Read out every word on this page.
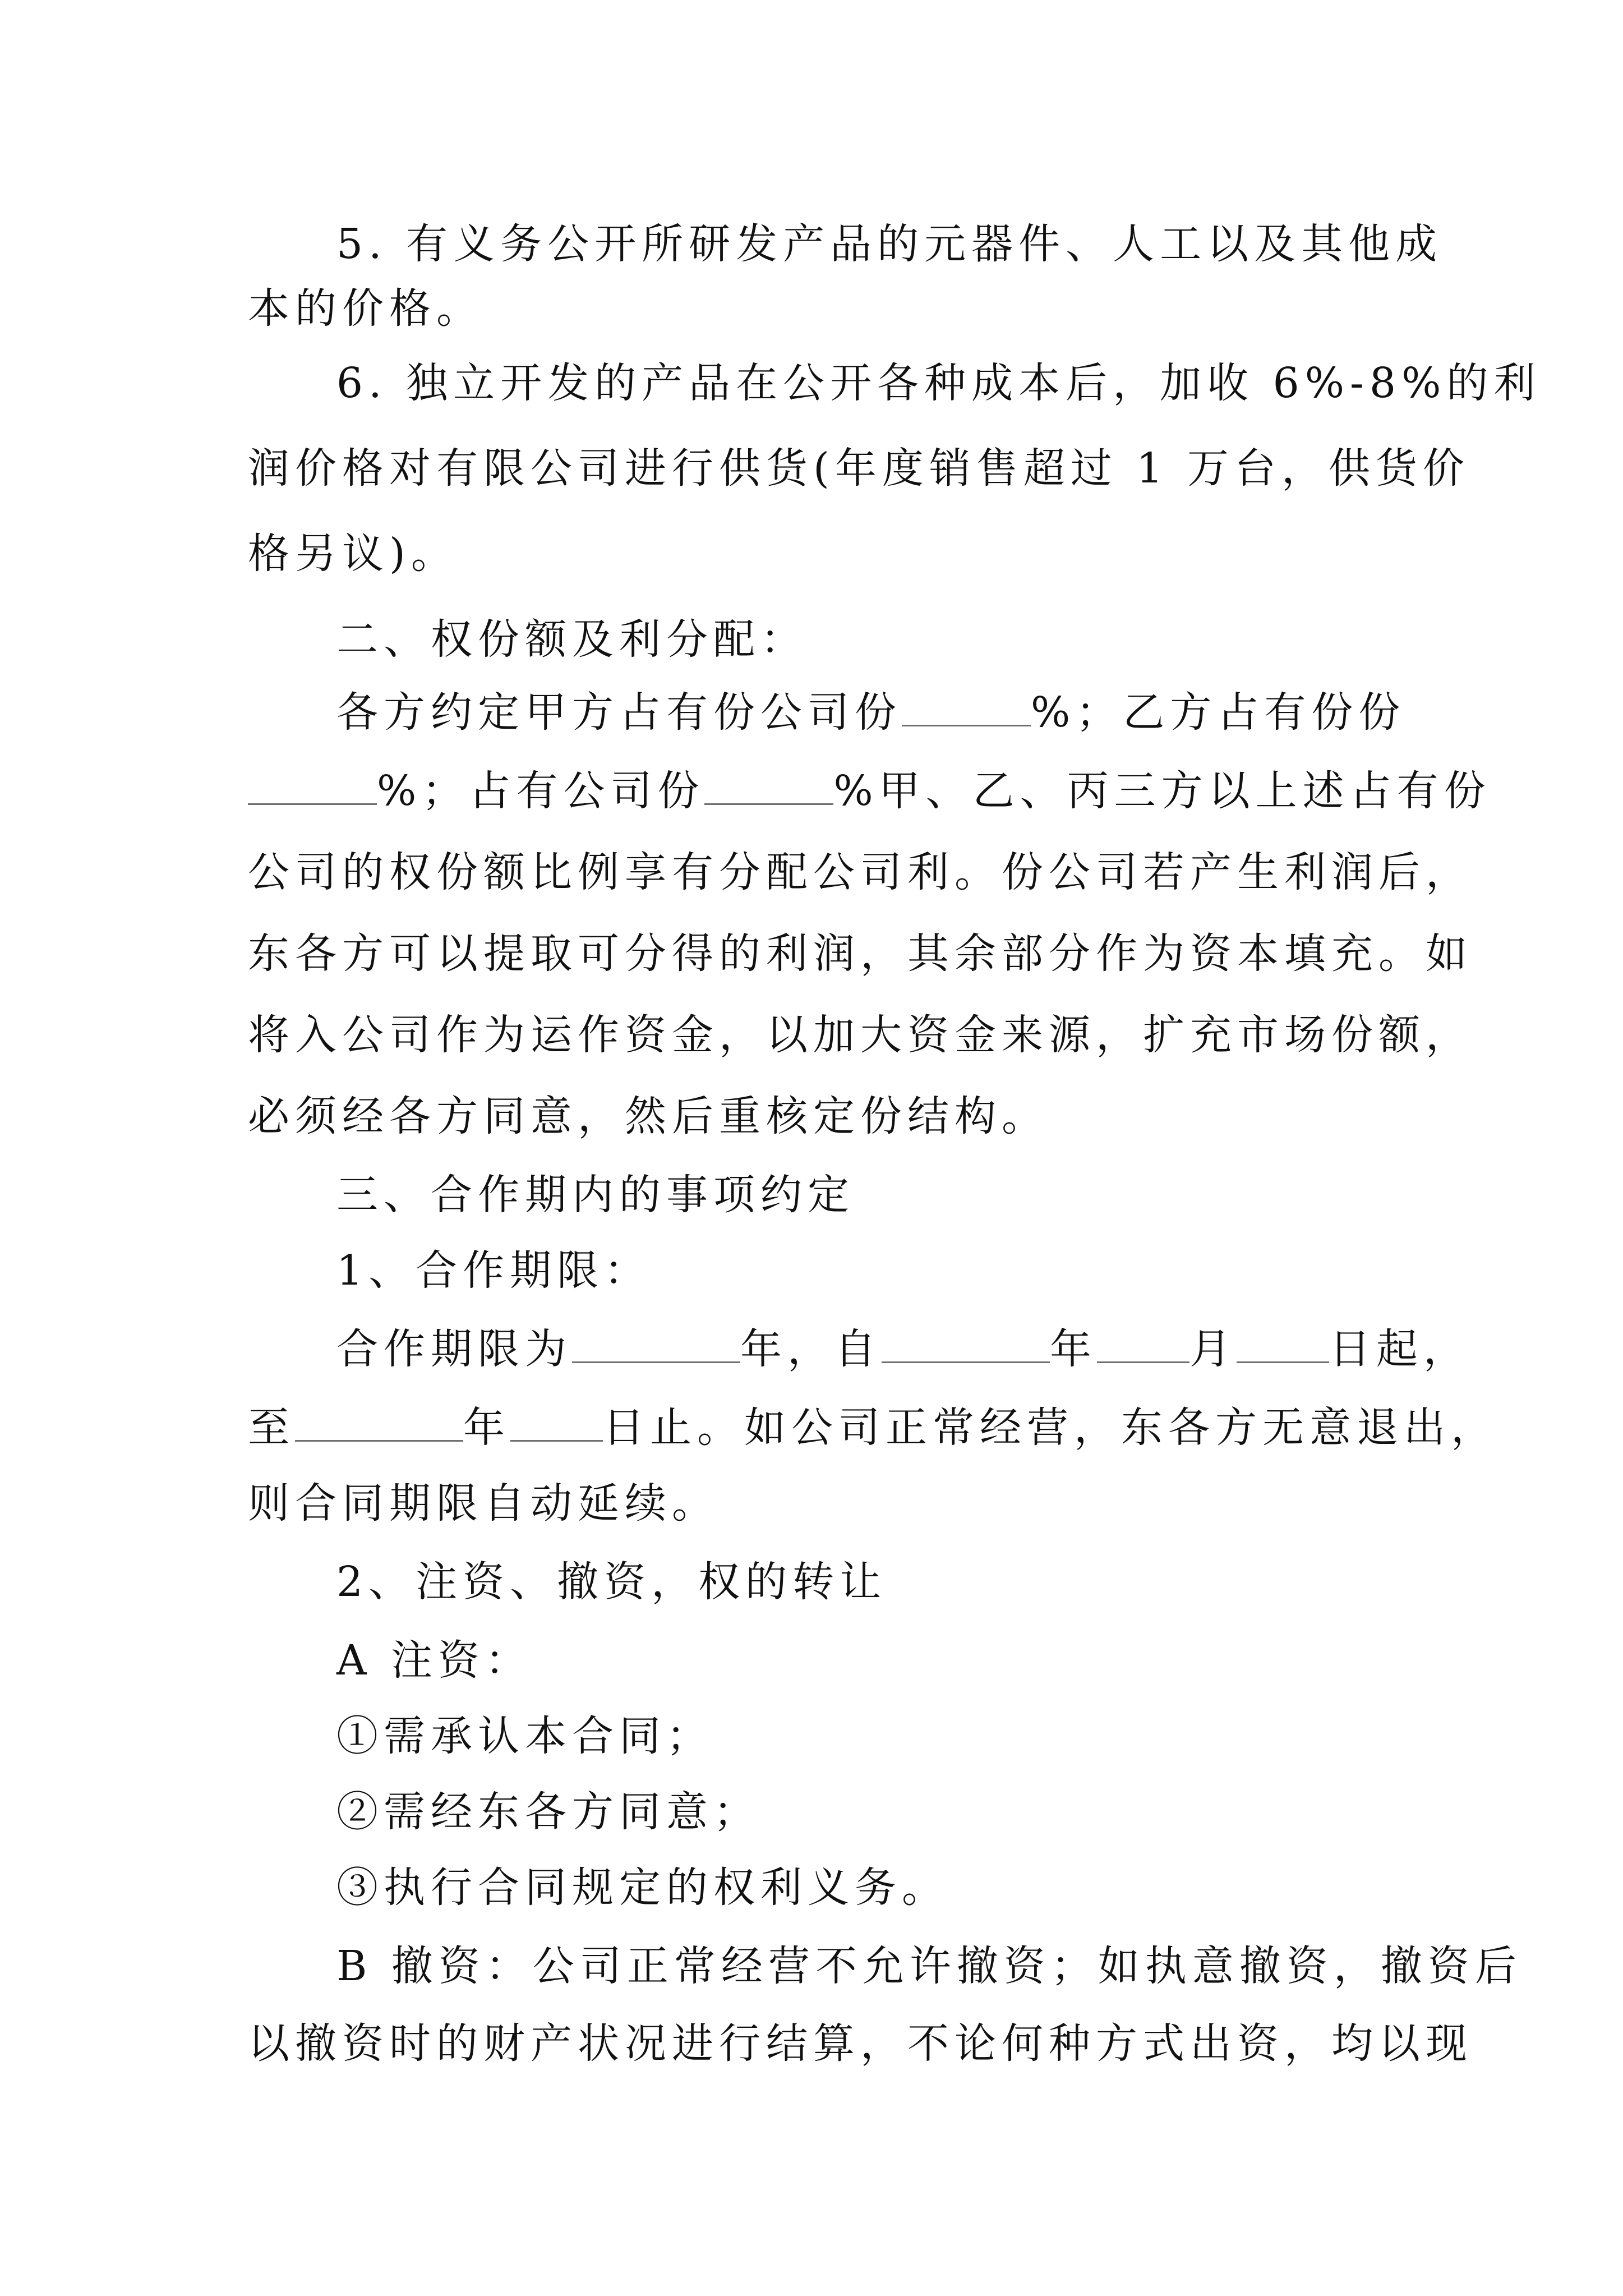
5. 有义务公开所研发产品的元器件、人工以及其他成
本的价格。
6. 独立开发的产品在公开各种成本后，加收 6%-8%的利
润价格对有限公司进行供货(年度销售超过 1 万台，供货价
格另议)。
二、权份额及利分配：
各方约定甲方占有份公司份	%；乙方占有份份
%；占有公司份	%甲、乙、丙三方以上述占有份
公司的权份额比例享有分配公司利。份公司若产生利润后，
东各方可以提取可分得的利润，其余部分作为资本填充。如
将入公司作为运作资金，以加大资金来源，扩充市场份额，
必须经各方同意，然后重核定份结构。
三、合作期内的事项约定
1、合作期限：
合作期限为	年，自	年 月 日起，
至	年 日止。如公司正常经营，东各方无意退出，
则合同期限自动延续。
2、注资、撤资，权的转让
A 注资：
①需承认本合同；
②需经东各方同意；
③执行合同规定的权利义务。
B 撤资：公司正常经营不允许撤资；如执意撤资，撤资后
以撤资时的财产状况进行结算，不论何种方式出资，均以现
